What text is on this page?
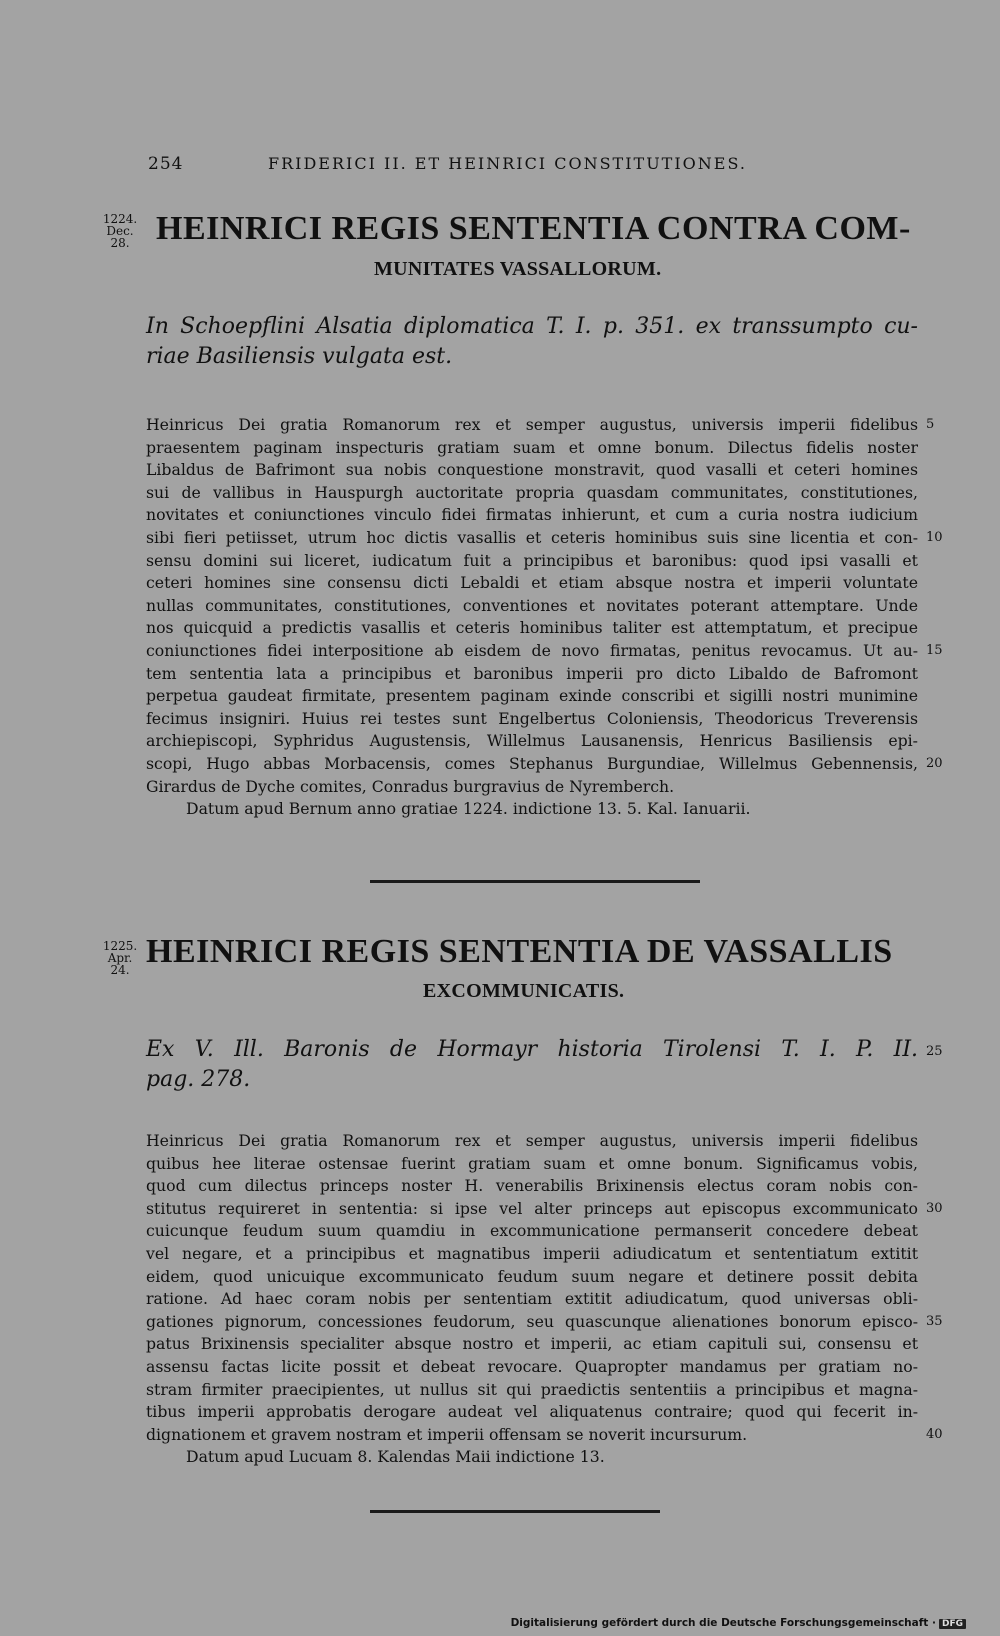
254	FRIDERICI II. ET HEINRICI CONSTITUTIONES.
1224.
Dec.
28. HEINRICI REGIS SENTENTIA CONTRA COM-
MUNITATES VASSALLORUM.
In Schoepflini Alsatia diplomatica T. I. p. 351. ex transsumpto cu-
riae Basiliensis vulgata est.
Heinricus Dei gratia Romanorum rex et semper augustus, universis imperii fidelibus
praesentem paginam inspecturis gratiam suam et omne bonum. Dilectus fidelis noster
Libaldus de Bafrimont sua nobis conquestione monstravit, quod vasalli et ceteri homines
sui de vallibus in Hauspurgh auctoritate propria quasdam communitates, constitutiones,
novitates et coniunctiones vinculo fidei firmatas inhierunt, et cum a curia nostra iudicium
sibi fieri petiisset, utrum hoc dictis vasallis et ceteris hominibus suis sine licentia et con-
sensu domini sui liceret, iudicatum fuit a principibus et baronibus: quod ipsi vasalli et
ceteri homines sine consensu dicti Lebaldi et etiam absque nostra et imperii voluntate
nullas communitates, constitutiones, conventiones et novitates poterant attemptare. Unde
nos quicquid a predictis vasallis et ceteris hominibus taliter est attemptatum, et precipue
coniunctiones fidei interpositione ab eisdem de novo firmatas, penitus revocamus. Ut au-
tem sententia lata a principibus et baronibus imperii pro dicto Libaldo de Bafromont
perpetua gaudeat firmitate, presentem paginam exinde conscribi et sigilli nostri munimine
fecimus insigniri. Huius rei testes sunt Engelbertus Coloniensis, Theodoricus Treverensis
archiepiscopi, Syphridus Augustensis, Willelmus Lausanensis, Henricus Basiliensis epi-
scopi, Hugo abbas Morbacensis, comes Stephanus Burgundiae, Willelmus Gebennensis,
Girardus de Dyche comites, Conradus burgravius de Nyremberch.
Datum apud Bernum anno gratiae 1224. indictione 13. 5. Kal. Ianuarii.
1225.
Apr.
24. HEINRICI REGIS SENTENTIA DE VASSALLIS
EXCOMMUNICATIS.
Ex V. Ill. Baronis de Hormayr historia Tirolensi T. I. P. II.
pag. 278.
25
Heinricus Dei gratia Romanorum rex et semper augustus, universis imperii fidelibus
quibus hee literae ostensae fuerint gratiam suam et omne bonum. Significamus vobis,
quod cum dilectus princeps noster H. venerabilis Brixinensis electus coram nobis con-
stitutus requireret in sententia: si ipse vel alter princeps aut episcopus excommunicato
cuicunque feudum suum quamdiu in excommunicatione permanserit concedere debeat
vel negare, et a principibus et magnatibus imperii adiudicatum et sententiatum extitit
eidem, quod unicuique excommunicato feudum suum negare et detinere possit debita
ratione. Ad haec coram nobis per sententiam extitit adiudicatum, quod universas obli-
gationes pignorum, concessiones feudorum, seu quascunque alienationes bonorum episco-
patus Brixinensis specialiter absque nostro et imperii, ac etiam capituli sui, consensu et
assensu factas licite possit et debeat revocare. Quapropter mandamus per gratiam no-
stram firmiter praecipientes, ut nullus sit qui praedictis sententiis a principibus et magna-
tibus imperii approbatis derogare audeat vel aliquatenus contraire; quod qui fecerit in-
dignationem et gravem nostram et imperii offensam se noverit incursurum.
Datum apud Lucuam 8. Kalendas Maii indictione 13.
Digitalisierung gefördert durch die Deutsche Forschungsgemeinschaft · DFG
5
10
15
20
30
35
40
